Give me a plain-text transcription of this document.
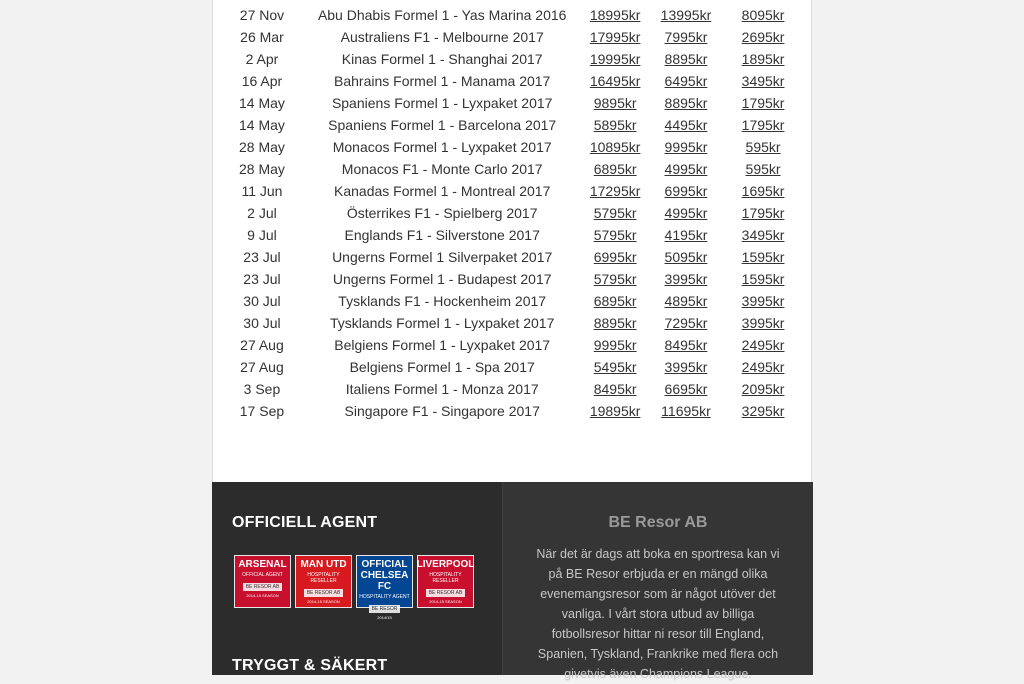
27 Nov	Abu Dhabis Formel 1 - Yas Marina 2016	18995kr	13995kr	8095kr
26 Mar	Australiens F1 - Melbourne 2017	17995kr	7995kr	2695kr
2 Apr	Kinas Formel 1 - Shanghai 2017	19995kr	8895kr	1895kr
16 Apr	Bahrains Formel 1 - Manama 2017	16495kr	6495kr	3495kr
14 May	Spaniens Formel 1 - Lyxpaket 2017	9895kr	8895kr	1795kr
14 May	Spaniens Formel 1 - Barcelona 2017	5895kr	4495kr	1795kr
28 May	Monacos Formel 1 - Lyxpaket 2017	10895kr	9995kr	595kr
28 May	Monacos F1 - Monte Carlo 2017	6895kr	4995kr	595kr
11 Jun	Kanadas Formel 1 - Montreal 2017	17295kr	6995kr	1695kr
2 Jul	Österrikes F1 - Spielberg 2017	5795kr	4995kr	1795kr
9 Jul	Englands F1 - Silverstone 2017	5795kr	4195kr	3495kr
23 Jul	Ungerns Formel 1 Silverpaket 2017	6995kr	5095kr	1595kr
23 Jul	Ungerns Formel 1 - Budapest 2017	5795kr	3995kr	1595kr
30 Jul	Tysklands F1 - Hockenheim 2017	6895kr	4895kr	3995kr
30 Jul	Tysklands Formel 1 - Lyxpaket 2017	8895kr	7295kr	3995kr
27 Aug	Belgiens Formel 1 - Lyxpaket 2017	9995kr	8495kr	2495kr
27 Aug	Belgiens Formel 1 - Spa 2017	5495kr	3995kr	2495kr
3 Sep	Italiens Formel 1 - Monza 2017	8495kr	6695kr	2095kr
17 Sep	Singapore F1 - Singapore 2017	19895kr	11695kr	3295kr
OFFICIELL AGENT
ARSENAL
OFFICIAL AGENT
BE RESOR AB
2014-15 SEASON
MAN UTD
HOSPITALITY RESELLER
BE RESOR AB
2014-15 SEASON
OFFICIAL CHELSEA FC
HOSPITALITY AGENT
BE RESOR
2014/15
LIVERPOOL
HOSPITALITY RESELLER
BE RESOR AB
2014-15 SEASON
TRYGGT & SÄKERT
BE Resor AB
När det är dags att boka en sportresa kan vi på BE Resor erbjuda er en mängd olika evenemangsresor som är något utöver det vanliga. I vårt stora utbud av billiga fotbollsresor hittar ni resor till England, Spanien, Tyskland, Frankrike med flera och givetvis även Champions League.
